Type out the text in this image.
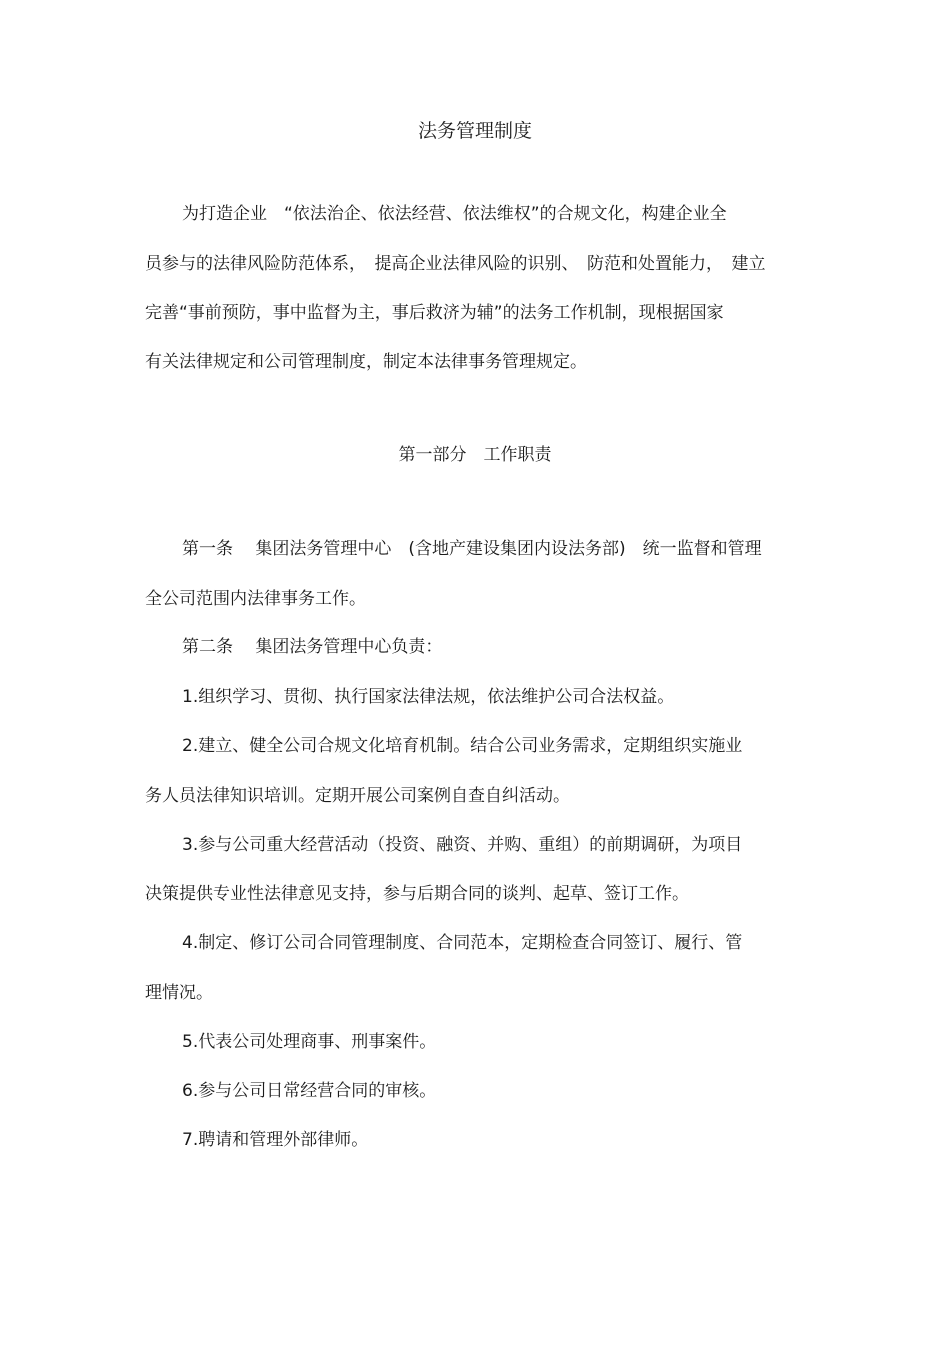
法务管理制度

为打造企业　“依法治企、依法经营、依法维权”的合规文化，构建企业全

员参与的法律风险防范体系，　提高企业法律风险的识别、　防范和处置能力，　建立

完善“事前预防，事中监督为主，事后救济为辅”的法务工作机制，现根据国家

有关法律规定和公司管理制度，制定本法律事务管理规定。

第一部分　工作职责

第一条　 集团法务管理中心　(含地产建设集团内设法务部)　统一监督和管理

全公司范围内法律事务工作。

第二条　 集团法务管理中心负责：

1.组织学习、贯彻、执行国家法律法规，依法维护公司合法权益。

2.建立、健全公司合规文化培育机制。结合公司业务需求，定期组织实施业

务人员法律知识培训。定期开展公司案例自查自纠活动。

3.参与公司重大经营活动（投资、融资、并购、重组）的前期调研，为项目

决策提供专业性法律意见支持，参与后期合同的谈判、起草、签订工作。

4.制定、修订公司合同管理制度、合同范本，定期检查合同签订、履行、管

理情况。

5.代表公司处理商事、刑事案件。

6.参与公司日常经营合同的审核。

7.聘请和管理外部律师。
